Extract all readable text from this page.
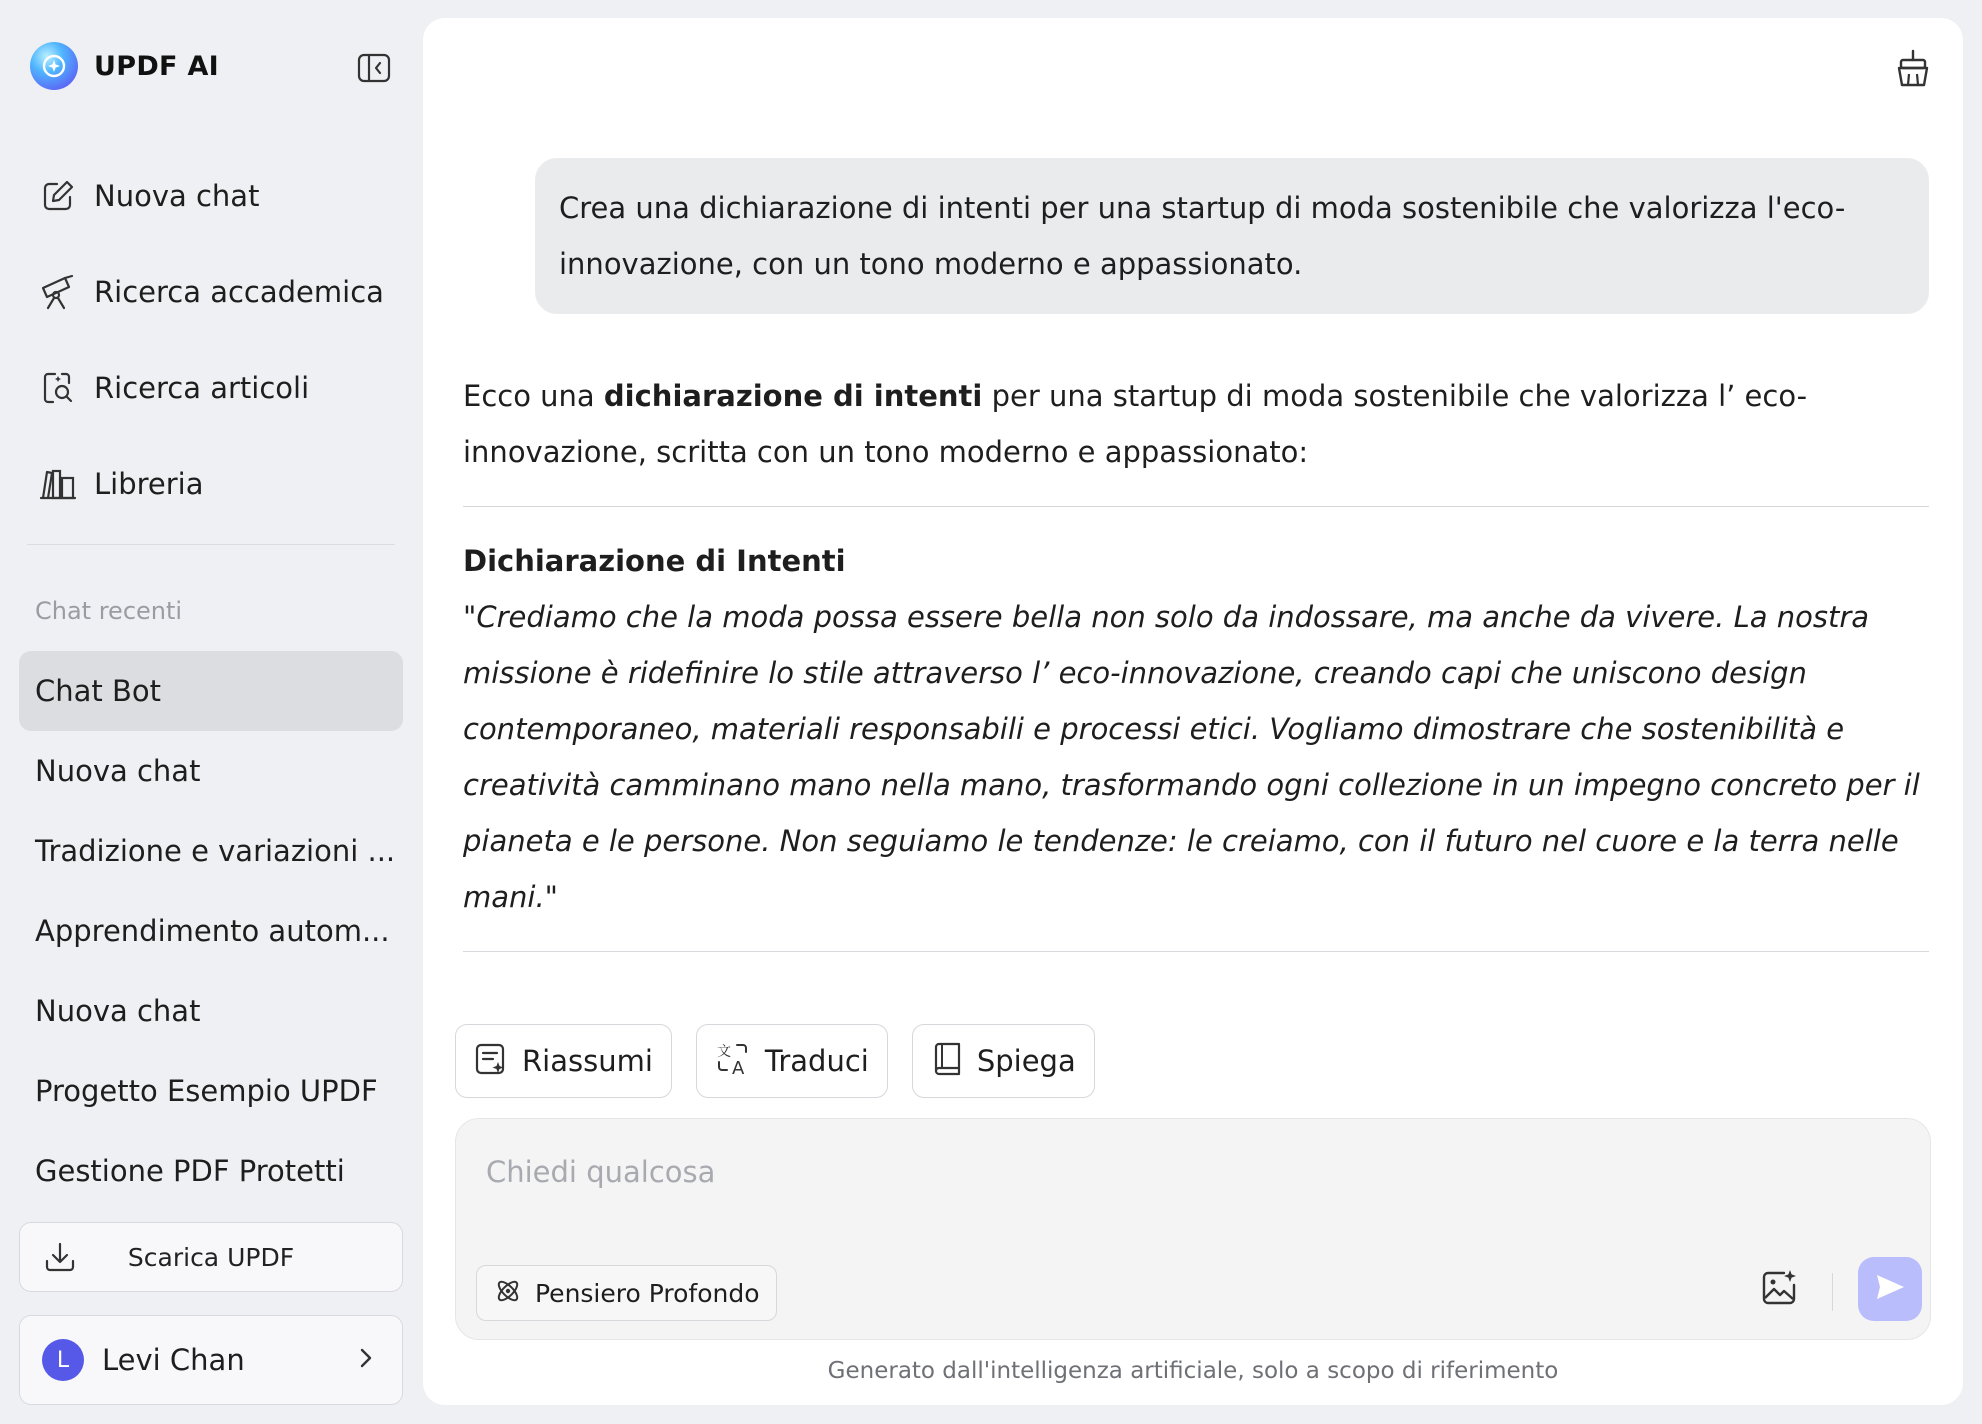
UPDF AI
Nuova chat
Ricerca accademica
Ricerca articoli
Libreria
Chat recenti
Chat Bot
Nuova chat
Tradizione e variazioni ...
Apprendimento autom...
Nuova chat
Progetto Esempio UPDF
Gestione PDF Protetti
Scarica UPDF
L	Levi Chan
Crea una dichiarazione di intenti per una startup di moda sostenibile che valorizza l'eco-innovazione, con un tono moderno e appassionato.

Ecco una dichiarazione di intenti per una startup di moda sostenibile che valorizza l’ eco-innovazione, scritta con un tono moderno e appassionato:

Dichiarazione di Intenti
"Crediamo che la moda possa essere bella non solo da indossare, ma anche da vivere. La nostra missione è ridefinire lo stile attraverso l’ eco-innovazione, creando capi che uniscono design contemporaneo, materiali responsabili e processi etici. Vogliamo dimostrare che sostenibilità e creatività camminano mano nella mano, trasformando ogni collezione in un impegno concreto per il pianeta e le persone. Non seguiamo le tendenze: le creiamo, con il futuro nel cuore e la terra nelle mani."

Riassumi	文
A Traduci	Spiega
Chiedi qualcosa
Pensiero Profondo
Generato dall'intelligenza artificiale, solo a scopo di riferimento
